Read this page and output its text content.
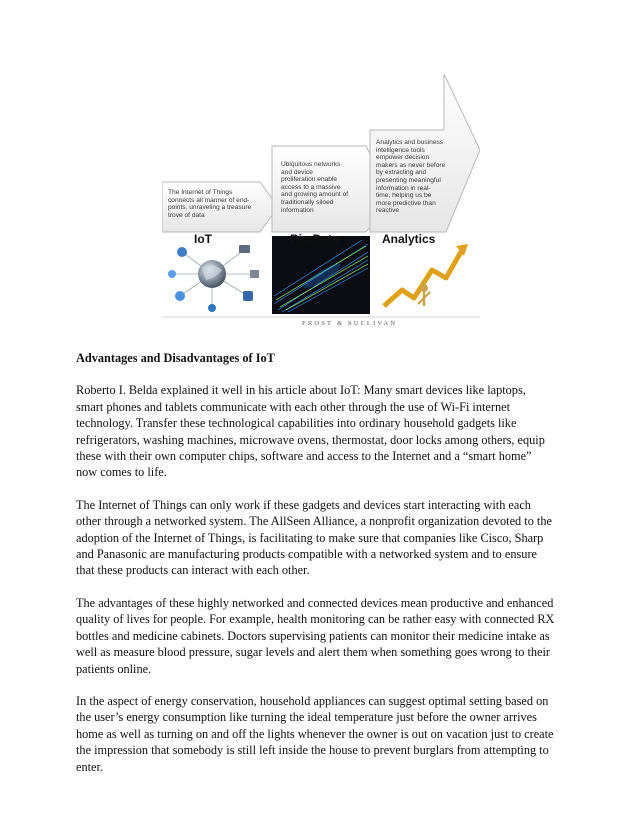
The Internet of Things
connects all manner of end-
points, unraveling a treasure
trove of data
IoT
Ubiquitous networks
and device
proliferation enable
access to a massive
and growing amount of
traditionally siloed
information
Big Data
Analytics and business
intelligence tools
empower decision
makers as never before
by extracting and
presenting meaningful
information in real-
time, helping us be
more predictive than
reactive
Analytics
FROST & SULLIVAN
Advantages and Disadvantages of IoT
Roberto I. Belda explained it well in his article about IoT: Many smart devices like laptops,
smart phones and tablets communicate with each other through the use of Wi-Fi internet
technology. Transfer these technological capabilities into ordinary household gadgets like
refrigerators, washing machines, microwave ovens, thermostat, door locks among others, equip
these with their own computer chips, software and access to the Internet and a “smart home”
now comes to life.
The Internet of Things can only work if these gadgets and devices start interacting with each
other through a networked system. The AllSeen Alliance, a nonprofit organization devoted to the
adoption of the Internet of Things, is facilitating to make sure that companies like Cisco, Sharp
and Panasonic are manufacturing products compatible with a networked system and to ensure
that these products can interact with each other.
The advantages of these highly networked and connected devices mean productive and enhanced
quality of lives for people. For example, health monitoring can be rather easy with connected RX
bottles and medicine cabinets. Doctors supervising patients can monitor their medicine intake as
well as measure blood pressure, sugar levels and alert them when something goes wrong to their
patients online.
In the aspect of energy conservation, household appliances can suggest optimal setting based on
the user’s energy consumption like turning the ideal temperature just before the owner arrives
home as well as turning on and off the lights whenever the owner is out on vacation just to create
the impression that somebody is still left inside the house to prevent burglars from attempting to
enter.
